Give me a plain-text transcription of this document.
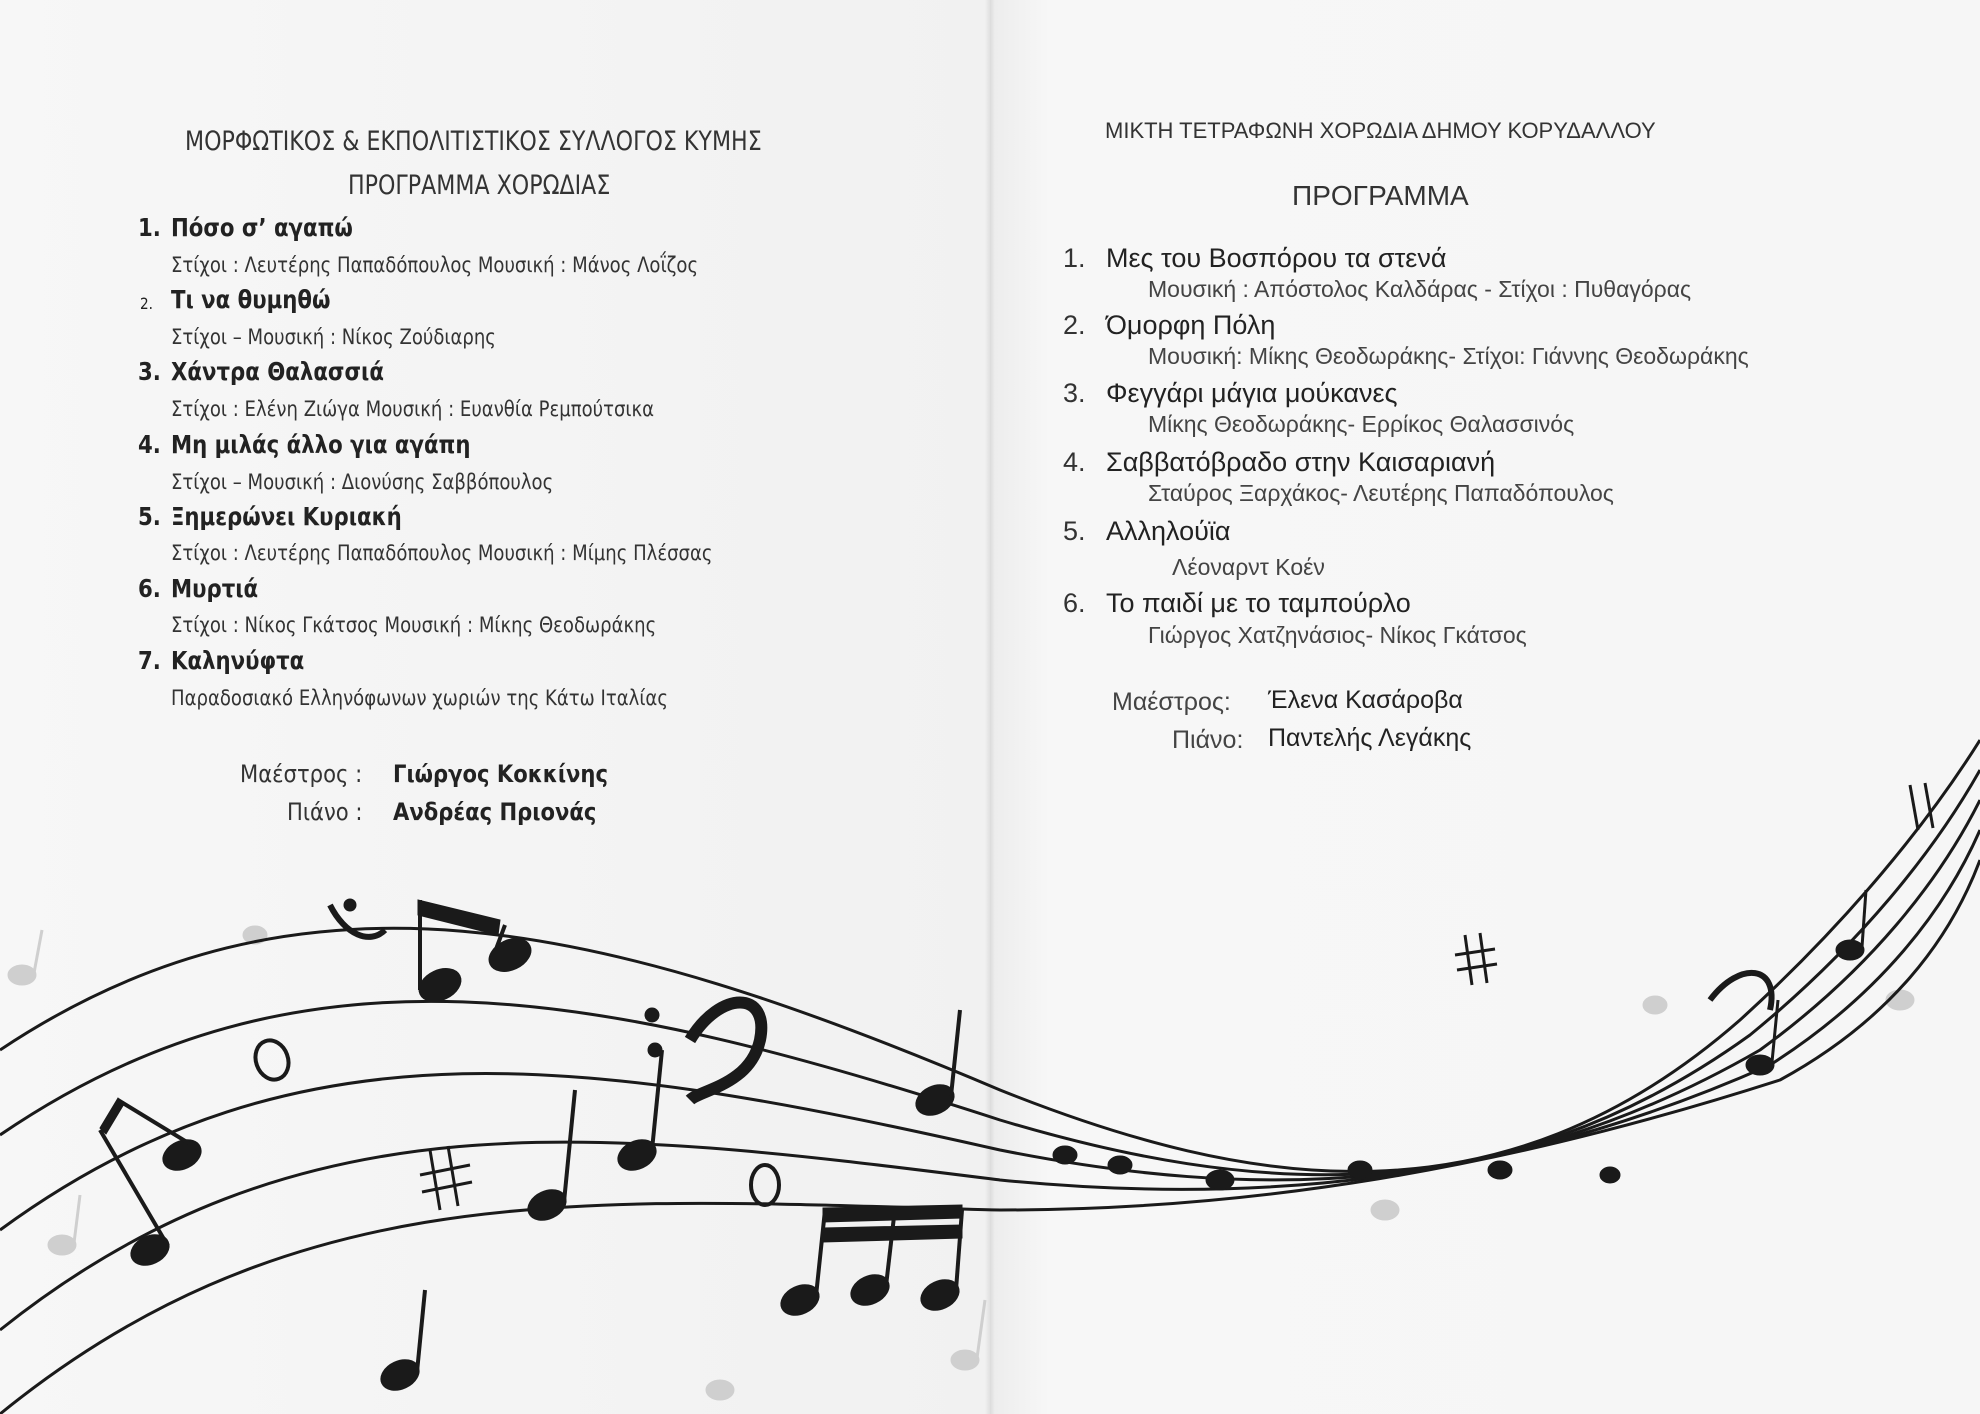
ΜΟΡΦΩΤΙΚΟΣ & ΕΚΠΟΛΙΤΙΣΤΙΚΟΣ ΣΥΛΛΟΓΟΣ ΚΥΜΗΣ
ΠΡΟΓΡΑΜΜΑ ΧΟΡΩΔΙΑΣ
1. Πόσο σ’ αγαπώ
Στίχοι : Λευτέρης Παπαδόπουλος Μουσική : Μάνος Λοΐζος
2. Τι να θυμηθώ
Στίχοι – Μουσική : Νίκος Ζούδιαρης
3. Χάντρα Θαλασσιά
Στίχοι : Ελένη Ζιώγα Μουσική : Ευανθία Ρεμπούτσικα
4. Μη μιλάς άλλο για αγάπη
Στίχοι – Μουσική : Διονύσης Σαββόπουλος
5. Ξημερώνει Κυριακή
Στίχοι : Λευτέρης Παπαδόπουλος Μουσική : Μίμης Πλέσσας
6. Μυρτιά
Στίχοι : Νίκος Γκάτσος Μουσική : Μίκης Θεοδωράκης
7. Καληνύφτα
Παραδοσιακό Ελληνόφωνων χωριών της Κάτω Ιταλίας
Μαέστρος : Γιώργος Κοκκίνης
Πιάνο : Ανδρέας Πριονάς
ΜΙΚΤΗ ΤΕΤΡΑΦΩΝΗ ΧΟΡΩΔΙΑ ΔΗΜΟΥ ΚΟΡΥΔΑΛΛΟΥ
ΠΡΟΓΡΑΜΜΑ
1. Μες του Βοσπόρου τα στενά
Μουσική : Απόστολος Καλδάρας - Στίχοι : Πυθαγόρας
2. Όμορφη Πόλη
Μουσική: Μίκης Θεοδωράκης- Στίχοι: Γιάννης Θεοδωράκης
3. Φεγγάρι μάγια μούκανες
Μίκης Θεοδωράκης- Ερρίκος Θαλασσινός
4. Σαββατόβραδο στην Καισαριανή
Σταύρος Ξαρχάκος- Λευτέρης Παπαδόπουλος
5. Αλληλούϊα
Λέοναρντ Κοέν
6. Το παιδί με το ταμπούρλο
Γιώργος Χατζηνάσιος- Νίκος Γκάτσος
Μαέστρος: Έλενα Κασάροβα
Πιάνο: Παντελής Λεγάκης
